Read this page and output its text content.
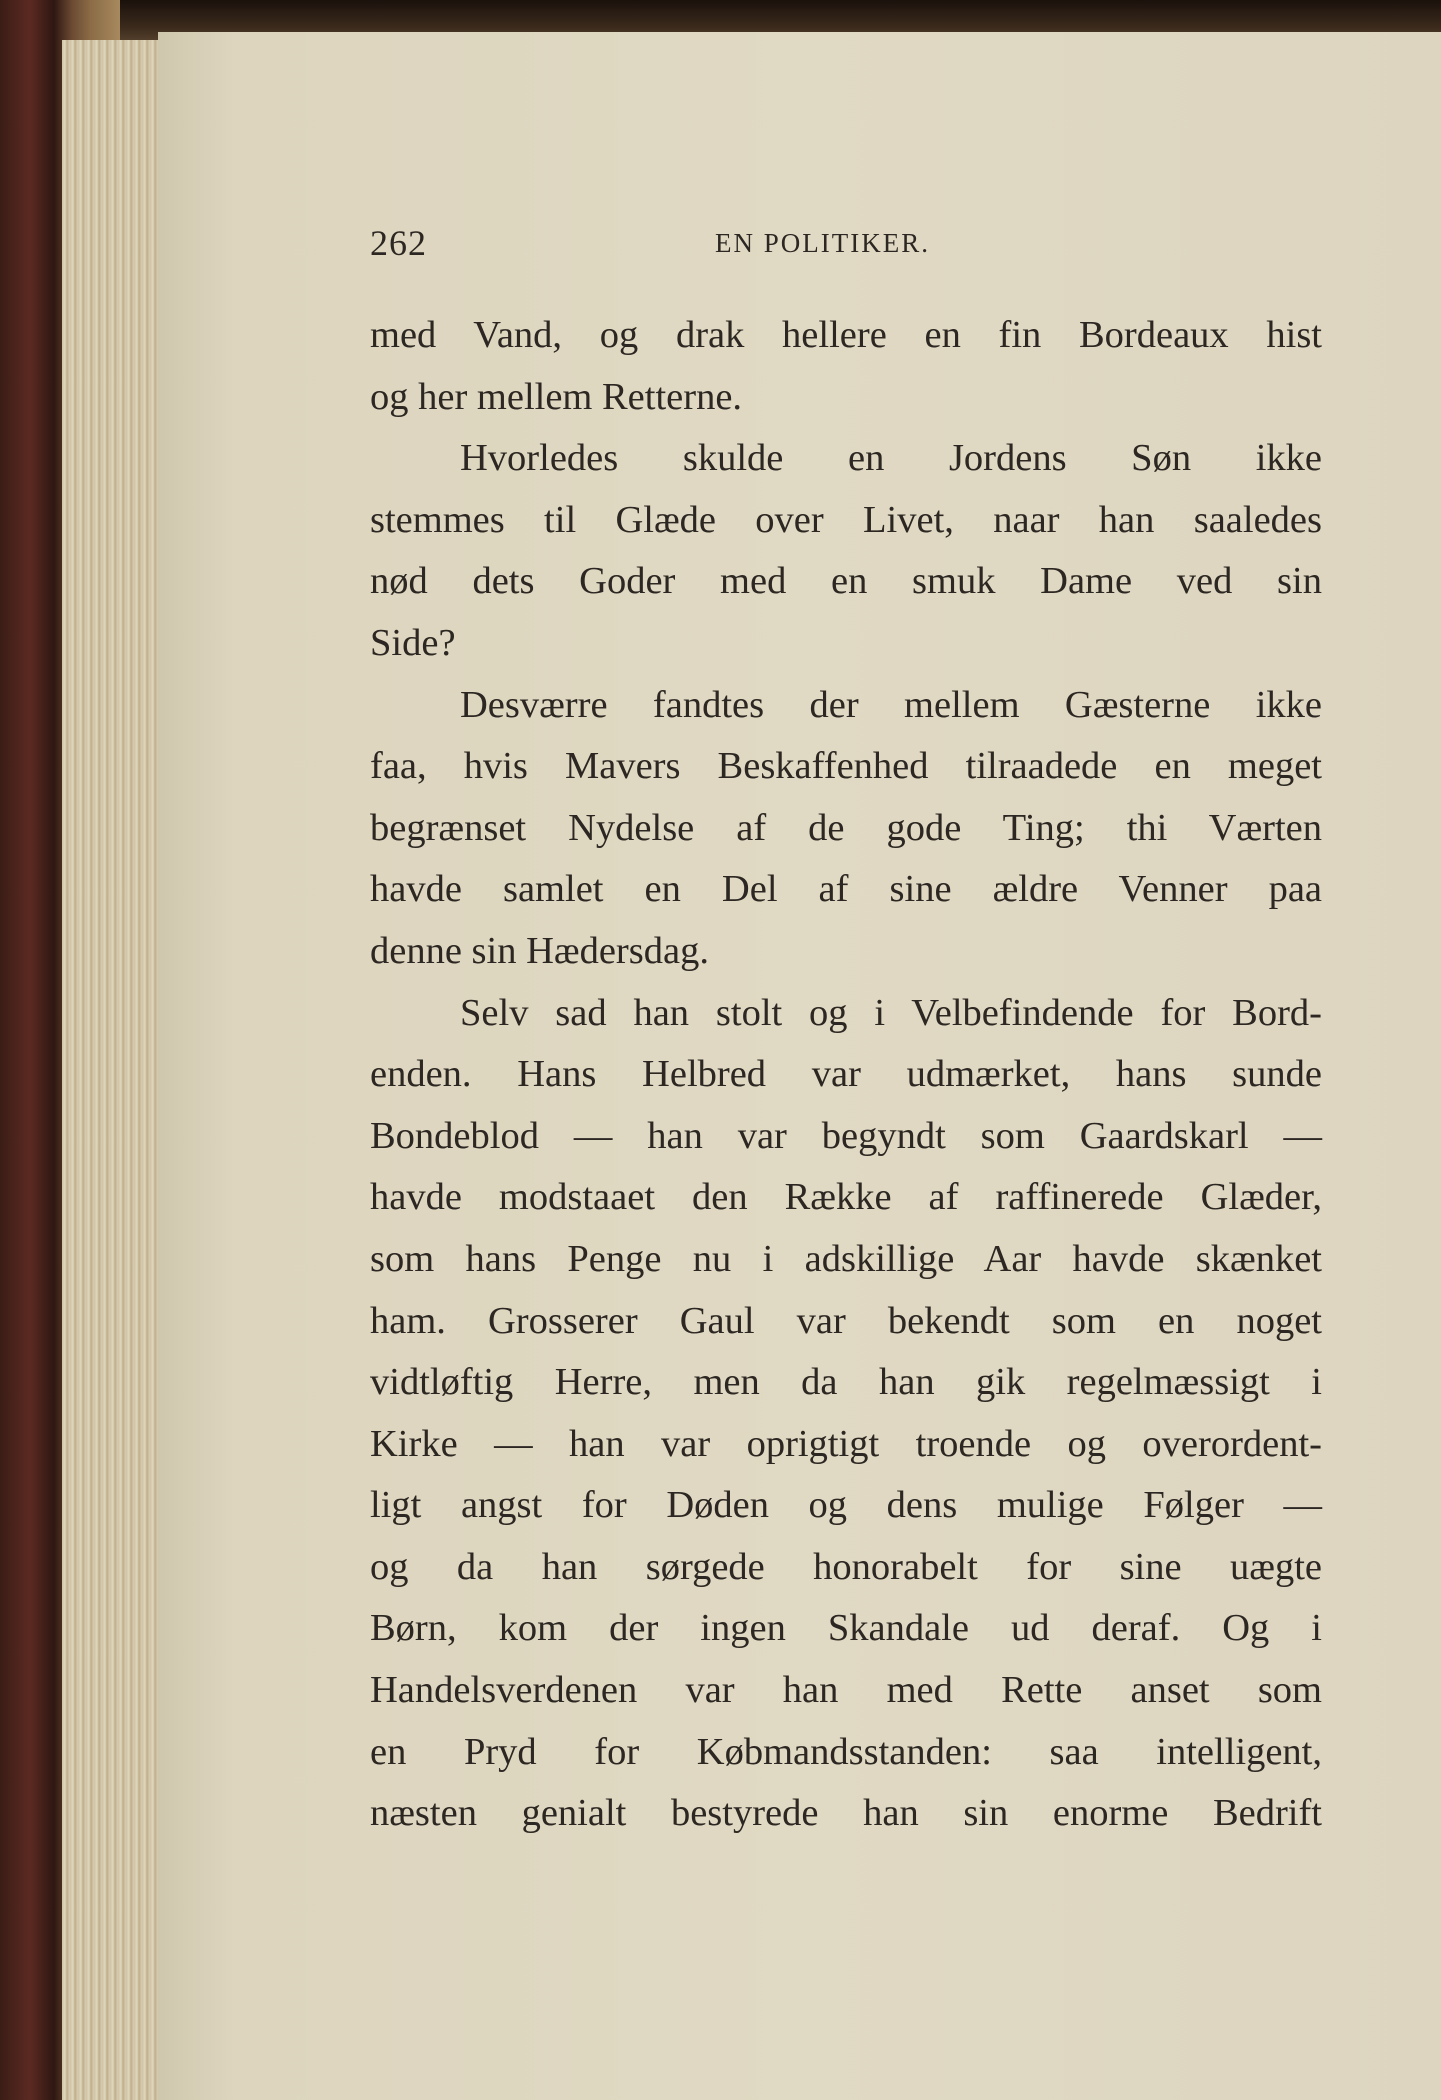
262	EN POLITIKER.
med Vand, og drak hellere en fin Bordeaux hist
og her mellem Retterne.
Hvorledes skulde en Jordens Søn ikke
stemmes til Glæde over Livet, naar han saaledes
nød dets Goder med en smuk Dame ved sin
Side?
Desværre fandtes der mellem Gæsterne ikke
faa, hvis Mavers Beskaffenhed tilraadede en meget
begrænset Nydelse af de gode Ting; thi Værten
havde samlet en Del af sine ældre Venner paa
denne sin Hædersdag.
Selv sad han stolt og i Velbefindende for Bord-
enden. Hans Helbred var udmærket, hans sunde
Bondeblod — han var begyndt som Gaardskarl —
havde modstaaet den Række af raffinerede Glæder,
som hans Penge nu i adskillige Aar havde skænket
ham. Grosserer Gaul var bekendt som en noget
vidtløftig Herre, men da han gik regelmæssigt i
Kirke — han var oprigtigt troende og overordent-
ligt angst for Døden og dens mulige Følger —
og da han sørgede honorabelt for sine uægte
Børn, kom der ingen Skandale ud deraf. Og i
Handelsverdenen var han med Rette anset som
en Pryd for Købmandsstanden: saa intelligent,
næsten genialt bestyrede han sin enorme Bedrift
